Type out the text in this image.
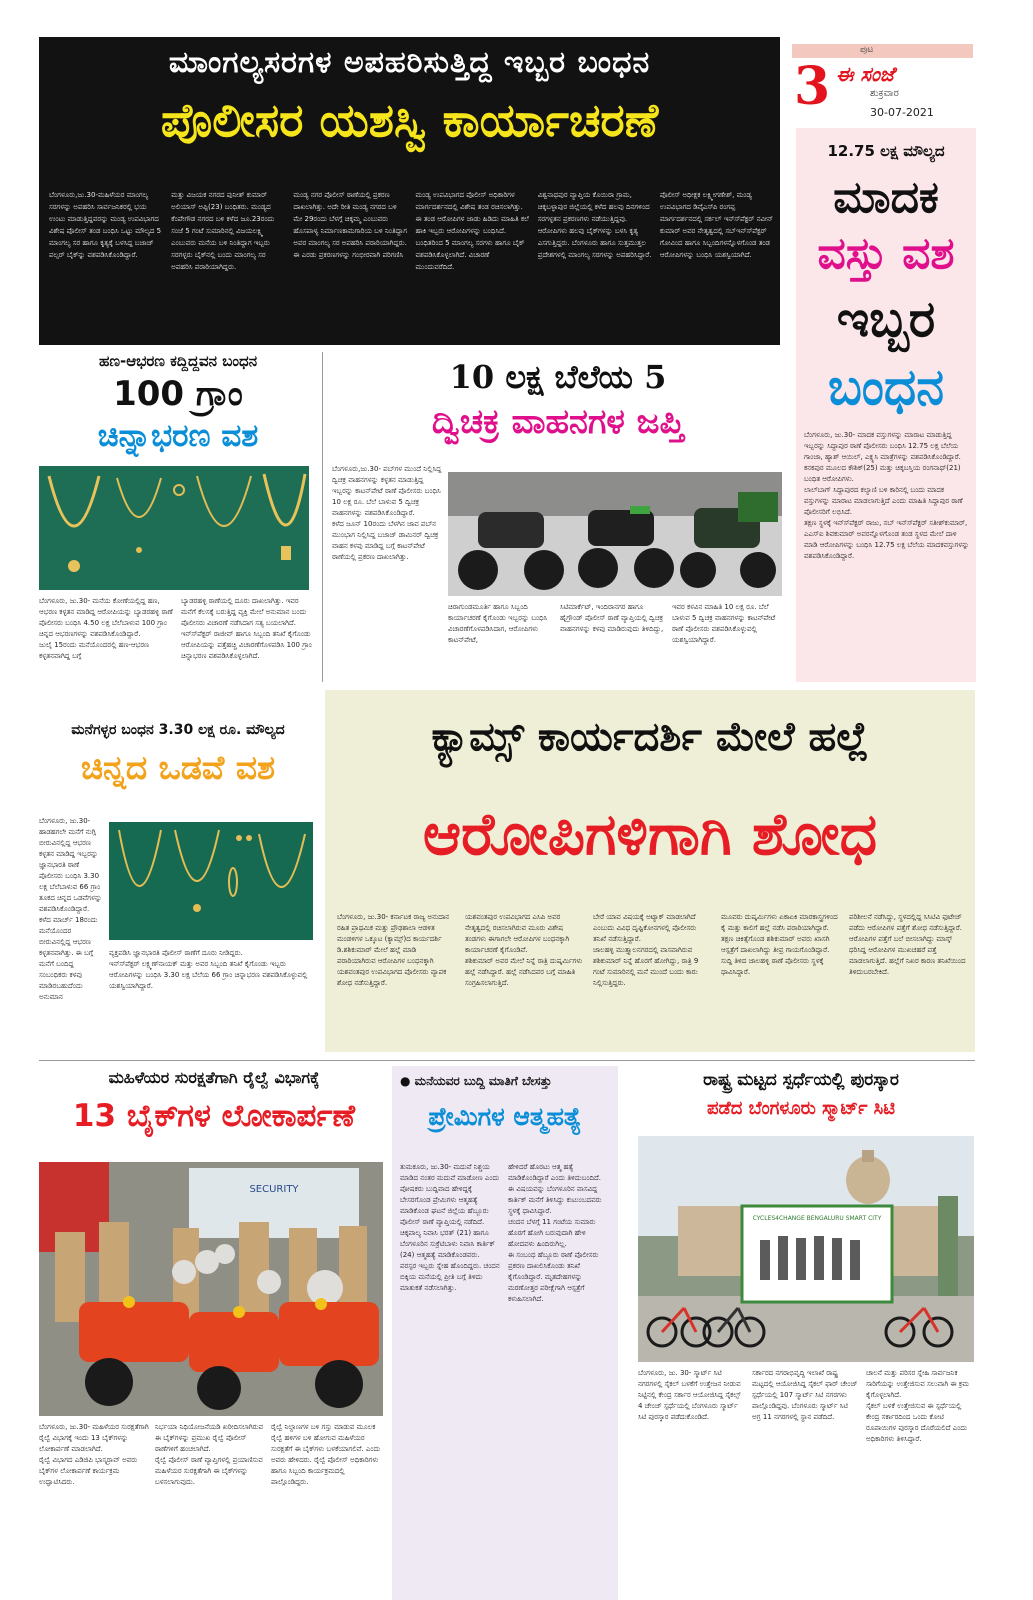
ಮಾಂಗಲ್ಯಸರಗಳ ಅಪಹರಿಸುತ್ತಿದ್ದ ಇಬ್ಬರ ಬಂಧನ
ಪೊಲೀಸರ ಯಶಸ್ವಿ ಕಾರ್ಯಾಚರಣೆ
ಬೆಂಗಳೂರು,ಜು.30-ಮಹಿಳೆಯರ ಮಾಂಗಲ್ಯ ಸರಗಳನ್ನು ಅಪಹರಿಸಿ ಸಾರ್ವಜನಿಕರಲ್ಲಿ ಭಯ ಉಂಟು ಮಾಡುತ್ತಿದ್ದವರನ್ನು ಮಂಡ್ಯ ಉಪವಿಭಾಗದ ವಿಶೇಷ ಪೊಲೀಸ್ ತಂಡ ಬಂಧಿಸಿ ಒಟ್ಟು ಮೌಲ್ಯದ 5 ಮಾಂಗಲ್ಯ ಸರ ಹಾಗೂ ಕೃತ್ಯಕ್ಕೆ ಬಳಸಿದ್ದ ಬಜಾಜ್ ಪಲ್ಸರ್ ಬೈಕ್‍ನ್ನು ವಶಪಡಿಸಿಕೊಂಡಿದ್ದಾರೆ.
ಮತ್ತು ವಿಜಯಕ ನಗರದ ಪುನೀತ್ ಕುಮಾರ್ ಅಲಿಯಾಸ್ ಅಪ್ಪಿ(23) ಬಂಧಿತರು. ಮಂಡ್ಯದ ಕೆಂಪೇಗೌಡ ನಗರದ ಬಳಿ ಕಳೆದ ಜೂ.23ರಂದು ಸಂಜೆ 5 ಗಂಟೆ ಸುಮಾರಿನಲ್ಲಿ ವಿಜಯಲಕ್ಷ್ಮಿ ಎಂಬುವರು ಮನೆಯ ಬಳಿ ನಿಂತಿದ್ದಾಗ ಇಬ್ಬರು ಸರಗಳ್ಳರು ಬೈಕ್‍ನಲ್ಲಿ ಬಂದು ಮಾಂಗಲ್ಯ ಸರ ಅಪಹರಿಸಿ ಪರಾರಿಯಾಗಿದ್ದರು.
ಮಂಡ್ಯ ನಗರ ಪೊಲೀಸ್ ಠಾಣೆಯಲ್ಲಿ ಪ್ರಕರಣ ದಾಖಲಾಗಿತ್ತು. ಅದೇ ರೀತಿ ಮಂಡ್ಯ ನಗರದ ಬಳಿ ಮೇ 29ರಂದು ಬೆಳಗ್ಗೆ ಚಿಕ್ಕಮ್ಮ ಎಂಬುವರು ಹೊಸಪಾಳ್ಯ ನಿರ್ಮಾಣಕಾಮಗಾರಿಯ ಬಳಿ ನಿಂತಿದ್ದಾಗ ಅವರ ಮಾಂಗಲ್ಯ ಸರ ಅಪಹರಿಸಿ ಪರಾರಿಯಾಗಿದ್ದರು. ಈ ಎರಡು ಪ್ರಕರಣಗಳನ್ನು ಗಂಭೀರವಾಗಿ ಪರಿಗಣಿಸಿ
ಮಂಡ್ಯ ಉಪವಿಭಾಗದ ಪೊಲೀಸ್ ಅಧಿಕಾರಿಗಳ ಮಾರ್ಗದರ್ಶನದಲ್ಲಿ ವಿಶೇಷ ತಂಡ ರಚಿಸಲಾಗಿತ್ತು. ಈ ತಂಡ ಆರೋಪಿಗಳ ಜಾಡು ಹಿಡಿದು ಮಾಹಿತಿ ಕಲೆ ಹಾಕಿ ಇಬ್ಬರು ಆರೋಪಿಗಳನ್ನು ಬಂಧಿಸಿದೆ. ಬಂಧಿತರಿಂದ 5 ಮಾಂಗಲ್ಯ ಸರಗಳು ಹಾಗೂ ಬೈಕ್ ವಶಪಡಿಸಿಕೊಳ್ಳಲಾಗಿದೆ. ವಿಚಾರಣೆ ಮುಂದುವರೆದಿದೆ.
ವಿಶ್ವನಾಥಪುರ ವ್ಯಾಪ್ತಿಯ ಕೊಯಿರಾ ಗ್ರಾಮ, ಚಿಕ್ಕಬಳ್ಳಾಪುರ ಜಿಲ್ಲೆಯಲ್ಲಿ ಕಳೆದ ಹಲವು ದಿನಗಳಿಂದ ಸರಗಳ್ಳತನ ಪ್ರಕರಣಗಳು ನಡೆಯುತ್ತಿದ್ದವು. ಆರೋಪಿಗಳು ಹಲವು ಬೈಕ್‍ಗಳನ್ನು ಬಳಸಿ ಕೃತ್ಯ ಎಸಗುತ್ತಿದ್ದರು. ಬೆಂಗಳೂರು ಹಾಗೂ ಸುತ್ತಮುತ್ತಲ ಪ್ರದೇಶಗಳಲ್ಲಿ ಮಾಂಗಲ್ಯ ಸರಗಳನ್ನು ಅಪಹರಿಸಿದ್ದಾರೆ.
ಪೊಲೀಸ್ ಅಧೀಕ್ಷಕ ಲಕ್ಷ್ಮೀಗಣೇಶ್, ಮಂಡ್ಯ ಉಪವಿಭಾಗದ ಡಿವೈಎಸ್‍ಪಿ ರಂಗಪ್ಪ ಮಾರ್ಗದರ್ಶನದಲ್ಲಿ ಸರ್ಕಲ್ ಇನ್ಸ್‍ಪೆಕ್ಟರ್ ನವೀನ್ ಕುಮಾರ್ ಅವರ ನೇತೃತ್ವದಲ್ಲಿ ಸಬ್‍ಇನ್ಸ್‍ಪೆಕ್ಟರ್ ಗೋವಿಂದ ಹಾಗೂ ಸಿಬ್ಬಂದಿಗಳನ್ನೊಳಗೊಂಡ ತಂಡ ಆರೋಪಿಗಳನ್ನು ಬಂಧಿಸಿ ಯಶಸ್ವಿಯಾಗಿದೆ.
ಪುಟ
3 ಈ ಸಂಜೆ
ಶುಕ್ರವಾರ
30-07-2021
12.75 ಲಕ್ಷ ಮೌಲ್ಯದ
ಮಾದಕ
ವಸ್ತು ವಶ
ಇಬ್ಬರ
ಬಂಧನ
ಬೆಂಗಳೂರು, ಜು.30- ಮಾದಕ ವಸ್ತುಗಳನ್ನು ಮಾರಾಟ ಮಾಡುತ್ತಿದ್ದ ಇಬ್ಬರನ್ನು ಸಿದ್ದಾಪುರ ಠಾಣೆ ಪೊಲೀಸರು ಬಂಧಿಸಿ 12.75 ಲಕ್ಷ ಬೆಲೆಯ ಗಾಂಜಾ, ಹ್ಯಾಶ್ ಆಯಿಲ್, ಎಕ್ಸ್ಟಸಿ ಮಾತ್ರೆಗಳನ್ನು ವಶಪಡಿಸಿಕೊಂಡಿದ್ದಾರೆ.
ಕನಕಪುರ ಮೂಲದ ಕೌಶಿಕ್(25) ಮತ್ತು ಚಿಕ್ಕಬಸ್ತಿಯ ರಂಗನಾಥ್(21) ಬಂಧಿತ ಆರೋಪಿಗಳು.
ಲಾಲ್‍ಬಾಗ್ ಸಿದ್ದಾಪುರದ ಕಲ್ಯಾಣಿ ಬಳಿ ಕಾರಿನಲ್ಲಿ ಬಂದು ಮಾದಕ ವಸ್ತುಗಳನ್ನು ಮಾರಾಟ ಮಾಡಲಾಗುತ್ತಿದೆ ಎಂದು ಮಾಹಿತಿ ಸಿದ್ದಾಪುರ ಠಾಣೆ ಪೊಲೀಸರಿಗೆ ಲಭಿಸಿದೆ.
ತಕ್ಷಣ ಸ್ಥಳಕ್ಕೆ ಇನ್ಸ್‍ಪೆಕ್ಟರ್ ರಾಜು, ಸಬ್ ಇನ್ಸ್‍ಪೆಕ್ಟರ್ ಸತೀಶ್‍ಕುಮಾರ್, ಎಎಸ್‍ಐ ಶಿವಕುಮಾರ್ ಅವರನ್ನೊಳಗೊಂಡ ತಂಡ ಸ್ಥಳದ ಮೇಲೆ ದಾಳಿ ಮಾಡಿ ಆರೋಪಿಗಳನ್ನು ಬಂಧಿಸಿ 12.75 ಲಕ್ಷ ಬೆಲೆಯ ಮಾದಕವಸ್ತುಗಳನ್ನು ವಶಪಡಿಸಿಕೊಂಡಿದ್ದಾರೆ.
ಹಣ-ಆಭರಣ ಕದ್ದಿದ್ದವನ ಬಂಧನ
100 ಗ್ರಾಂ
ಚಿನ್ನಾಭರಣ ವಶ
ಬೆಂಗಳೂರು, ಜು.30- ಮನೆಯ ಕೋಣೆಯಲ್ಲಿದ್ದ ಹಣ, ಆಭರಣ ಕಳ್ಳತನ ಮಾಡಿದ್ದ ಆರೋಪಿಯನ್ನು ಬ್ಯಾಡರಹಳ್ಳಿ ಠಾಣೆ ಪೊಲೀಸರು ಬಂಧಿಸಿ 4.50 ಲಕ್ಷ ಬೆಲೆಬಾಳುವ 100 ಗ್ರಾಂ ಚಿನ್ನದ ಆಭರಣಗಳನ್ನು ವಶಪಡಿಸಿಕೊಂಡಿದ್ದಾರೆ.
ಜುಲೈ 15ರಂದು ಮನೆಯೊಂದರಲ್ಲಿ ಹಣ-ಆಭರಣ ಕಳ್ಳತನವಾಗಿದ್ದ ಬಗ್ಗೆ
ಬ್ಯಾಡರಹಳ್ಳಿ ಠಾಣೆಯಲ್ಲಿ ದೂರು ದಾಖಲಾಗಿತ್ತು. ಇವರ ಮನೆಗೆ ಕೆಲಸಕ್ಕೆ ಬರುತ್ತಿದ್ದ ವ್ಯಕ್ತಿ ಮೇಲೆ ಅನುಮಾನ ಬಂದು ಪೊಲೀಸರು ವಿಚಾರಣೆ ನಡೆಸಿದಾಗ ಸತ್ಯ ಬಯಲಾಗಿದೆ.
ಇನ್ಸ್‍ಪೆಕ್ಟರ್ ರಾಜೀವ್ ಹಾಗೂ ಸಿಬ್ಬಂದಿ ತನಿಖೆ ಕೈಗೊಂಡು ಆರೋಪಿಯನ್ನು ಪತ್ತೆಹಚ್ಚಿ ವಿಚಾರಣೆಗೊಳಪಡಿಸಿ 100 ಗ್ರಾಂ ಚಿನ್ನಾಭರಣ ವಶಪಡಿಸಿಕೊಳ್ಳಲಾಗಿದೆ.
10 ಲಕ್ಷ ಬೆಲೆಯ 5
ದ್ವಿಚಕ್ರ ವಾಹನಗಳ ಜಪ್ತಿ
ಬೆಂಗಳೂರು,ಜು.30- ಪಬ್‍ಗಳ ಮುಂದೆ ನಿಲ್ಲಿಸಿದ್ದ ದ್ವಿಚಕ್ರ ವಾಹನಗಳನ್ನು ಕಳ್ಳತನ ಮಾಡುತ್ತಿದ್ದ ಇಬ್ಬರನ್ನು ಕಾಟನ್‍ಪೇಟೆ ಠಾಣೆ ಪೊಲೀಸರು ಬಂಧಿಸಿ 10 ಲಕ್ಷ ರೂ. ಬೆಲೆ ಬಾಳುವ 5 ದ್ವಿಚಕ್ರ ವಾಹನಗಳನ್ನು ವಶಪಡಿಸಿಕೊಂಡಿದ್ದಾರೆ.
ಕಳೆದ ಜೂನ್ 10ರಂದು ಬೆಳಗಿನ ಜಾವ ಪಬ್‍ನ ಮುಂಭಾಗ ನಿಲ್ಲಿಸಿದ್ದ ಬಜಾಜ್ ಡಾಮಿನರ್ ದ್ವಿಚಕ್ರ ವಾಹನ ಕಳವು ಮಾಡಿದ್ದ ಬಗ್ಗೆ ಕಾಟನ್‍ಪೇಟೆ ಠಾಣೆಯಲ್ಲಿ ಪ್ರಕರಣ ದಾಖಲಾಗಿತ್ತು.
ಚಿರಾಗುಂಡಮೂರ್ತಿ ಹಾಗೂ ಸಿಬ್ಬಂದಿ ಕಾರ್ಯಾಚರಣೆ ಕೈಗೊಂಡು ಇಬ್ಬರನ್ನು ಬಂಧಿಸಿ ವಿಚಾರಣೆಗೊಳಪಡಿಸಿದಾಗ, ಆರೋಪಿಗಳು ಕಾಟನ್‍ಪೇಟೆ,
ಸಿಟಿಮಾರ್ಕೆಟ್, ಇಂದಿರಾನಗರ ಹಾಗೂ ಹೈಗ್ರೌಂಡ್ ಪೊಲೀಸ್ ಠಾಣೆ ವ್ಯಾಪ್ತಿಯಲ್ಲಿ ದ್ವಿಚಕ್ರ ವಾಹನಗಳನ್ನು ಕಳವು ಮಾಡಿರುವುದು ತಿಳಿದಿದ್ದು,
ಇವರ ಕಳವಿನ ಮಾಹಿತಿ 10 ಲಕ್ಷ ರೂ. ಬೆಲೆ ಬಾಳುವ 5 ದ್ವಿಚಕ್ರ ವಾಹನಗಳನ್ನು ಕಾಟನ್‍ಪೇಟೆ ಠಾಣೆ ಪೊಲೀಸರು ವಶಪಡಿಸಿಕೊಳ್ಳುವಲ್ಲಿ ಯಶಸ್ವಿಯಾಗಿದ್ದಾರೆ.
ಮನೆಗಳ್ಳರ ಬಂಧನ 3.30 ಲಕ್ಷ ರೂ. ಮೌಲ್ಯದ
ಚಿನ್ನದ ಒಡವೆ ವಶ
ಬೆಂಗಳೂರು, ಜು.30- ಹಾಡಹಗಲೇ ಮನೆಗೆ ನುಗ್ಗಿ ಬೀರುವಿನಲ್ಲಿದ್ದ ಆಭರಣ ಕಳ್ಳತನ ಮಾಡಿದ್ದ ಇಬ್ಬರನ್ನು ಜ್ಞಾನಭಾರತಿ ಠಾಣೆ ಪೊಲೀಸರು ಬಂಧಿಸಿ 3.30 ಲಕ್ಷ ಬೆಲೆಬಾಳುವ 66 ಗ್ರಾಂ ತೂಕದ ಚಿನ್ನದ ಒಡವೆಗಳನ್ನು ವಶಪಡಿಸಿಕೊಂಡಿದ್ದಾರೆ.
ಕಳೆದ ಮಾರ್ಚ್ 18ರಂದು ಮನೆಯೊಂದರ ಬೀರುವಿನಲ್ಲಿದ್ದ ಆಭರಣ ಕಳ್ಳತನವಾಗಿತ್ತು. ಈ ಬಗ್ಗೆ ಮನೆಗೆ ಬಂದಿದ್ದ ಸಂಬಂಧಿಕರು ಕಳವು ಮಾಡಿರಬಹುದೆಂದು ಅನುಮಾನ
ವ್ಯಕ್ತಪಡಿಸಿ ಜ್ಞಾನಭಾರತಿ ಪೊಲೀಸ್ ಠಾಣೆಗೆ ದೂರು ನೀಡಿದ್ದರು.
ಇನ್ಸ್‍ಪೆಕ್ಟರ್ ಲಕ್ಷ್ಮಣ್‍ನಾಯಕ್ ಮತ್ತು ಅವರ ಸಿಬ್ಬಂದಿ ತನಿಖೆ ಕೈಗೊಂಡು ಇಬ್ಬರು ಆರೋಪಿಗಳನ್ನು ಬಂಧಿಸಿ 3.30 ಲಕ್ಷ ಬೆಲೆಯ 66 ಗ್ರಾಂ ಚಿನ್ನಾಭರಣ ವಶಪಡಿಸಿಕೊಳ್ಳುವಲ್ಲಿ ಯಶಸ್ವಿಯಾಗಿದ್ದಾರೆ.
ಕ್ಯಾಮ್ಸ್ ಕಾರ್ಯದರ್ಶಿ ಮೇಲೆ ಹಲ್ಲೆ
ಆರೋಪಿಗಳಿಗಾಗಿ ಶೋಧ
ಬೆಂಗಳೂರು, ಜು.30- ಕರ್ನಾಟಕ ರಾಜ್ಯ ಅನುದಾನ ರಹಿತ ಪ್ರಾಥಮಿಕ ಮತ್ತು ಪ್ರೌಢಶಾಲಾ ಆಡಳಿತ ಮಂಡಳಿಗಳ ಒಕ್ಕೂಟ (ಕ್ಯಾಮ್ಸ್)ದ ಕಾರ್ಯದರ್ಶಿ ಡಿ.ಶಶಿಕುಮಾರ್ ಮೇಲೆ ಹಲ್ಲೆ ಮಾಡಿ ಪರಾರಿಯಾಗಿರುವ ಆರೋಪಿಗಳ ಬಂಧನಕ್ಕಾಗಿ ಯಶವಂತಪುರ ಉಪವಿಭಾಗದ ಪೊಲೀಸರು ವ್ಯಾಪಕ ಶೋಧ ನಡೆಸುತ್ತಿದ್ದಾರೆ.
ಯಶವಂತಪುರ ಉಪವಿಭಾಗದ ಎಸಿಪಿ ಅವರ ನೇತೃತ್ವದಲ್ಲಿ ರಚಿಸಲಾಗಿರುವ ಮೂರು ವಿಶೇಷ ತಂಡಗಳು ಈಗಾಗಲೇ ಆರೋಪಿಗಳ ಬಂಧನಕ್ಕಾಗಿ ಕಾರ್ಯಾಚರಣೆ ಕೈಗೊಂಡಿವೆ.
ಶಶಿಕುಮಾರ್ ಅವರ ಮೇಲೆ ನಿನ್ನೆ ರಾತ್ರಿ ದುಷ್ಕರ್ಮಿಗಳು ಹಲ್ಲೆ ನಡೆಸಿದ್ದಾರೆ. ಹಲ್ಲೆ ನಡೆಸಿದವರ ಬಗ್ಗೆ ಮಾಹಿತಿ ಸಂಗ್ರಹಿಸಲಾಗುತ್ತಿದೆ.
ಬೇರೆ ಯಾವ ವಿಷಯಕ್ಕೆ ಅಟ್ಯಾಕ್ ಮಾಡಲಾಗಿದೆ ಎಂಬುದು ವಿವಿಧ ದೃಷ್ಟಿಕೋನಗಳಲ್ಲಿ ಪೊಲೀಸರು ತನಿಖೆ ನಡೆಸುತ್ತಿದ್ದಾರೆ.
ಜಾಲಹಳ್ಳಿ ಮುತ್ತ್ಯಾಲನಗರದಲ್ಲಿ ವಾಸವಾಗಿರುವ ಶಶಿಕುಮಾರ್ ನಿನ್ನೆ ಹೊರಗೆ ಹೋಗಿದ್ದು, ರಾತ್ರಿ 9 ಗಂಟೆ ಸುಮಾರಿನಲ್ಲಿ ಮನೆ ಮುಂದೆ ಬಂದು ಕಾರು ನಿಲ್ಲಿಸುತ್ತಿದ್ದರು.
ಮೂವರು ದುಷ್ಕರ್ಮಿಗಳು ಏಕಾಏಕಿ ಮಾರಕಾಸ್ತ್ರಗಳಿಂದ ಕೈ ಮತ್ತು ಕಾಲಿಗೆ ಹಲ್ಲೆ ನಡೆಸಿ ಪರಾರಿಯಾಗಿದ್ದಾರೆ.
ತಕ್ಷಣ ಚಿಕಿತ್ಸೆಗೊಂಡ ಶಶಿಕುಮಾರ್ ಅವರು ಖಾಸಗಿ ಆಸ್ಪತ್ರೆಗೆ ದಾಖಲಾಗಿದ್ದು ತೀವ್ರ ಗಾಯಗೊಂಡಿದ್ದಾರೆ. ಸುದ್ದಿ ತಿಳಿದ ಜಾಲಹಳ್ಳಿ ಠಾಣೆ ಪೊಲೀಸರು ಸ್ಥಳಕ್ಕೆ ಧಾವಿಸಿದ್ದಾರೆ.
ಪರಿಶೀಲನೆ ನಡೆಸಿದ್ದು, ಸ್ಥಳದಲ್ಲಿದ್ದ ಸಿಸಿಟಿವಿ ಫುಟೇಜ್ ಪಡೆದು ಆರೋಪಿಗಳ ಪತ್ತೆಗೆ ಶೋಧ ನಡೆಸುತ್ತಿದ್ದಾರೆ.
ಆರೋಪಿಗಳ ಪತ್ತೆಗೆ ಬಲೆ ಬೀಸಲಾಗಿದ್ದು ಮಾಸ್ಕ್ ಧರಿಸಿದ್ದ ಆರೋಪಿಗಳ ಮುಖಚಹರೆ ಪತ್ತೆ ಮಾಡಲಾಗುತ್ತಿದೆ. ಹಲ್ಲೆಗೆ ನಿಖರ ಕಾರಣ ತನಿಖೆಯಿಂದ ತಿಳಿದುಬರಬೇಕಿದೆ.
ಮಹಿಳೆಯರ ಸುರಕ್ಷತೆಗಾಗಿ ರೈಲ್ವೆ ವಿಭಾಗಕ್ಕೆ
13 ಬೈಕ್‍ಗಳ ಲೋಕಾರ್ಪಣೆ
SECURITY
ಬೆಂಗಳೂರು, ಜು.30- ಮಹಿಳೆಯರ ಸುರಕ್ಷತೆಗಾಗಿ ರೈಲ್ವೆ ವಿಭಾಗಕ್ಕೆ ಇಂದು 13 ಬೈಕ್‍ಗಳನ್ನು ಲೋಕಾರ್ಪಣೆ ಮಾಡಲಾಗಿದೆ.
ರೈಲ್ವೆ ವಿಭಾಗದ ಎಡಿಜಿಪಿ ಭಾಸ್ಕರ್‍ರಾವ್ ಅವರು ಬೈಕ್‍ಗಳ ಲೋಕಾರ್ಪಣೆ ಕಾರ್ಯಕ್ರಮ ಉದ್ಘಾಟಿಸಿದರು.
ನಿರ್ಭಯಾ ನಿಧಿಯೋಜನೆಯಡಿ ಖರೀದಿಸಲಾಗಿರುವ ಈ ಬೈಕ್‍ಗಳನ್ನು ಪ್ರಮುಖ ರೈಲ್ವೆ ಪೊಲೀಸ್ ಠಾಣೆಗಳಿಗೆ ಹಂಚಲಾಗಿದೆ.
ರೈಲ್ವೆ ಪೊಲೀಸ್ ಠಾಣೆ ವ್ಯಾಪ್ತಿಗಳಲ್ಲಿ ಪ್ರಯಾಣಿಸುವ ಮಹಿಳೆಯರ ಸುರಕ್ಷತೆಗಾಗಿ ಈ ಬೈಕ್‍ಗಳನ್ನು ಬಳಸಲಾಗುವುದು.
ರೈಲ್ವೆ ನಿಲ್ದಾಣಗಳ ಬಳಿ ಗಸ್ತು ಮಾಡುವ ಮೂಲಕ ರೈಲ್ವೆ ಹಳಿಗಳ ಬಳಿ ಹೋಗುವ ಮಹಿಳೆಯರ ಸುರಕ್ಷತೆಗೆ ಈ ಬೈಕ್‍ಗಳು ಬಳಕೆಯಾಗಲಿವೆ. ಎಂದು ಅವರು ಹೇಳಿದರು. ರೈಲ್ವೆ ಪೊಲೀಸ್ ಅಧಿಕಾರಿಗಳು ಹಾಗೂ ಸಿಬ್ಬಂದಿ ಕಾರ್ಯಕ್ರಮದಲ್ಲಿ ಪಾಲ್ಗೊಂಡಿದ್ದರು.
● ಮನೆಯವರ ಬುದ್ದಿ ಮಾತಿಗೆ ಬೇಸತ್ತು
ಪ್ರೇಮಿಗಳ ಆತ್ಮಹತ್ಯೆ
ತುಮಕೂರು, ಜು.30- ಮದುವೆ ನಿಶ್ಚಯ ಮಾಡಿದ ನಂತರ ಮದುವೆ ಮಾಡೋಣ ಎಂದು ಪೋಷಕರು ಬುದ್ದಿವಾದ ಹೇಳಿದ್ದಕ್ಕೆ ಬೇಸರಗೊಂಡ ಪ್ರೇಮಿಗಳು ಆತ್ಮಹತ್ಯೆ ಮಾಡಿಕೊಂಡ ಘಟನೆ ಜಿಲ್ಲೆಯ ಹೆಬ್ಬೂರು ಪೊಲೀಸ್ ಠಾಣೆ ವ್ಯಾಪ್ತಿಯಲ್ಲಿ ನಡೆದಿದೆ.
ಚಿಕ್ಕಪಾಲ್ಯ ನಿವಾಸಿ ಭರತ್ (21) ಹಾಗೂ ಬೆಂಗಳೂರಿನ ಸುಕ್ರೆಟಿಬಾಳು ನಿವಾಸಿ ಕಾರ್ತಿಕ್ (24) ಆತ್ಮಹತ್ಯೆ ಮಾಡಿಕೊಂಡವರು.
ಪರಸ್ಪರ ಇಬ್ಬರು ಸ್ನೇಹ ಹೊಂದಿದ್ದರು. ಚಂದನ ಬಿಕ್ಕಿಯ ಮನೆಯಲ್ಲಿ ಪ್ರೀತಿ ಬಗ್ಗೆ ತಿಳಿದು ಮಾತುಕತೆ ನಡೆಸಲಾಗಿತ್ತು.
ಹೇಳಿದರೆ ಹೊರಟು ಆತ್ಮ ಹತ್ಯೆ ಮಾಡಿಕೊಂಡಿದ್ದಾರೆ ಎಂದು ತಿಳಿದುಬಂದಿದೆ.
ಈ ವಿಷಯವನ್ನು ಬೆಂಗಳೂರಿನ ವಾಸವಿದ್ದ ಕಾರ್ತಿಕ್ ಮನೆಗೆ ತಿಳಿಸಿದ್ದು ಕುಟುಂಬದವರು ಸ್ಥಳಕ್ಕೆ ಧಾವಿಸಿದ್ದಾರೆ.
ಚಂದನ ಬೆಳಗ್ಗೆ 11 ಗಂಟೆಯ ಸುಮಾರು ಹೊರಗೆ ಹೋಗಿ ಬರುವುದಾಗಿ ಹೇಳಿ ಹೋದವಳು ಹಿಂದಿರುಗಿಲ್ಲ.
ಈ ಸಂಬಂಧ ಹೆಬ್ಬೂರು ಠಾಣೆ ಪೊಲೀಸರು ಪ್ರಕರಣ ದಾಖಲಿಸಿಕೊಂಡು ತನಿಖೆ ಕೈಗೊಂಡಿದ್ದಾರೆ. ಮೃತದೇಹಗಳನ್ನು ಮರಣೋತ್ತರ ಪರೀಕ್ಷೆಗಾಗಿ ಆಸ್ಪತ್ರೆಗೆ ಕಳುಹಿಸಲಾಗಿದೆ.
ರಾಷ್ಟ್ರ ಮಟ್ಟದ ಸ್ಪರ್ಧೆಯಲ್ಲಿ ಪುರಸ್ಕಾರ
ಪಡೆದ ಬೆಂಗಳೂರು ಸ್ಮಾರ್ಟ್ ಸಿಟಿ
CYCLES4CHANGE BENGALURU SMART CITY
ಬೆಂಗಳೂರು, ಜು. 30- ಸ್ಮಾರ್ಟ್ ಸಿಟಿ ನಗರಗಳಲ್ಲಿ ಸೈಕಲ್ ಬಳಕೆಗೆ ಉತ್ತೇಜನ ನೀಡುವ ನಿಟ್ಟಿನಲ್ಲಿ ಕೇಂದ್ರ ಸರ್ಕಾರ ಆಯೋಜಿಸಿದ್ದ ಸೈಕಲ್ಸ್ 4 ಚೇಂಜ್ ಸ್ಪರ್ಧೆಯಲ್ಲಿ ಬೆಂಗಳೂರು ಸ್ಮಾರ್ಟ್ ಸಿಟಿ ಪುರಸ್ಕಾರ ಪಡೆದುಕೊಂಡಿದೆ.
ಸರ್ಕಾರದ ನಗರಾಭಿವೃದ್ಧಿ ಇಲಾಖೆ ರಾಷ್ಟ್ರ ಮಟ್ಟದಲ್ಲಿ ಆಯೋಜಿಸಿದ್ದ ಸೈಕಲ್ ಫಾರ್ ಚೇಂಜ್ ಸ್ಪರ್ಧೆಯಲ್ಲಿ 107 ಸ್ಮಾರ್ಟ್ ಸಿಟಿ ನಗರಗಳು ಪಾಲ್ಗೊಂಡಿದ್ದವು. ಬೆಂಗಳೂರು ಸ್ಮಾರ್ಟ್ ಸಿಟಿ ಅಗ್ರ 11 ನಗರಗಳಲ್ಲಿ ಸ್ಥಾನ ಪಡೆದಿದೆ.
ಚಾಲನೆ ಮತ್ತು ಪರಿಸರ ಸ್ನೇಹಿ ಸಾರ್ವಜನಿಕ ಸಾರಿಗೆಯನ್ನು ಉತ್ತೇಜಿಸುವ ಸಲುವಾಗಿ ಈ ಕ್ರಮ ಕೈಗೊಳ್ಳಲಾಗಿದೆ.
ಸೈಕಲ್ ಬಳಕೆ ಉತ್ತೇಜಿಸುವ ಈ ಸ್ಪರ್ಧೆಯಲ್ಲಿ ಕೇಂದ್ರ ಸರ್ಕಾರದಿಂದ ಒಂದು ಕೋಟಿ ರೂಪಾಯಿಗಳ ಪುರಸ್ಕಾರ ದೊರೆಯಲಿದೆ ಎಂದು ಅಧಿಕಾರಿಗಳು ತಿಳಿಸಿದ್ದಾರೆ.
